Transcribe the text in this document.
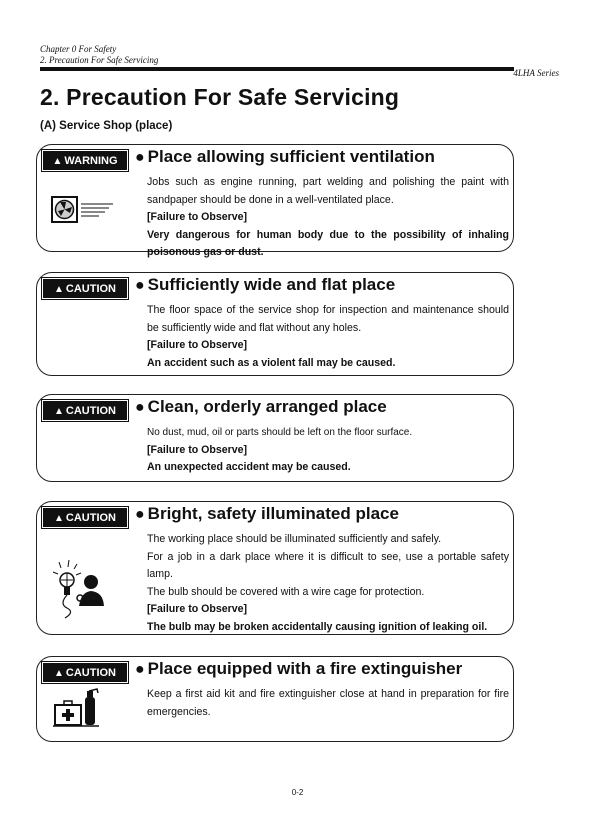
Chapter 0 For Safety
2. Precaution For Safe Servicing
4LHA Series
2. Precaution For Safe Servicing
(A) Service Shop (place)
▲ WARNING	● Place allowing sufficient ventilation

Jobs such as engine running, part welding and polishing the paint with sandpaper should be done in a well-ventilated place.

[Failure to Observe]

Very dangerous for human body due to the possibility of inhaling poisonous gas or dust.

▲ CAUTION	● Sufficiently wide and flat place

The floor space of the service shop for inspection and maintenance should be sufficiently wide and flat without any holes.

[Failure to Observe]

An accident such as a violent fall may be caused.

▲ CAUTION	● Clean, orderly arranged place

No dust, mud, oil or parts should be left on the floor surface.

[Failure to Observe]

An unexpected accident may be caused.

▲ CAUTION	● Bright, safety illuminated place

The working place should be illuminated sufficiently and safely.

For a job in a dark place where it is difficult to see, use a portable safety lamp.

The bulb should be covered with a wire cage for protection.

[Failure to Observe]

The bulb may be broken accidentally causing ignition of leaking oil.

▲ CAUTION	● Place equipped with a fire extinguisher

Keep a first aid kit and fire extinguisher close at hand in preparation for fire emergencies.

0-2
